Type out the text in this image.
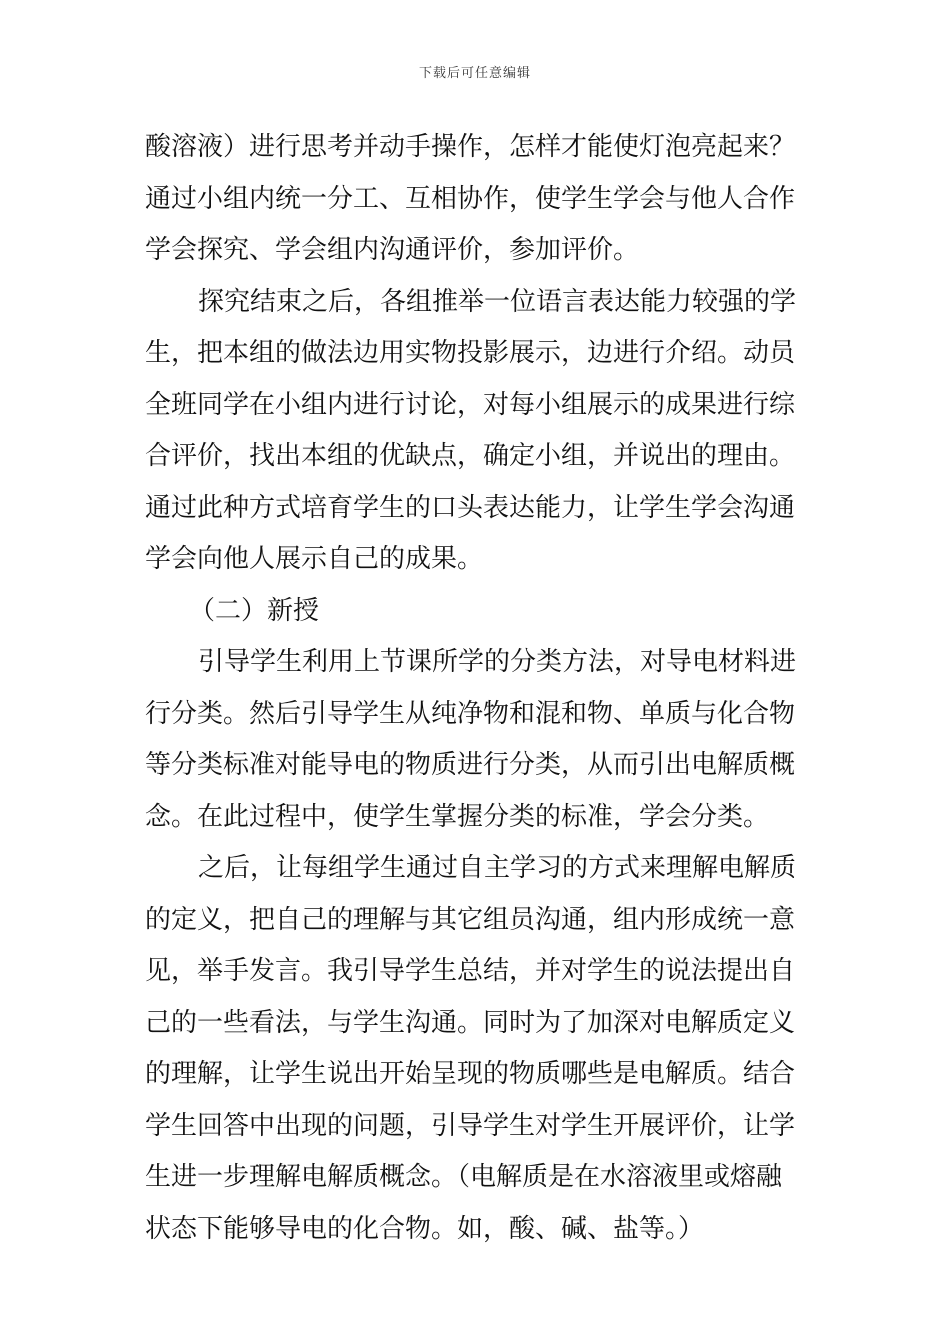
下载后可任意编辑
酸溶液）进行思考并动手操作，怎样才能使灯泡亮起来？
通过小组内统一分工、互相协作，使学生学会与他人合作
学会探究、学会组内沟通评价，参加评价。
探究结束之后，各组推举一位语言表达能力较强的学
生，把本组的做法边用实物投影展示，边进行介绍。动员
全班同学在小组内进行讨论，对每小组展示的成果进行综
合评价，找出本组的优缺点，确定小组，并说出的理由。
通过此种方式培育学生的口头表达能力，让学生学会沟通
学会向他人展示自己的成果。
（二）新授
引导学生利用上节课所学的分类方法，对导电材料进
行分类。然后引导学生从纯净物和混和物、单质与化合物
等分类标准对能导电的物质进行分类，从而引出电解质概
念。在此过程中，使学生掌握分类的标准，学会分类。
之后，让每组学生通过自主学习的方式来理解电解质
的定义，把自己的理解与其它组员沟通，组内形成统一意
见，举手发言。我引导学生总结，并对学生的说法提出自
己的一些看法，与学生沟通。同时为了加深对电解质定义
的理解，让学生说出开始呈现的物质哪些是电解质。结合
学生回答中出现的问题，引导学生对学生开展评价，让学
生进一步理解电解质概念。（电解质是在水溶液里或熔融
状态下能够导电的化合物。如，酸、碱、盐等。）
